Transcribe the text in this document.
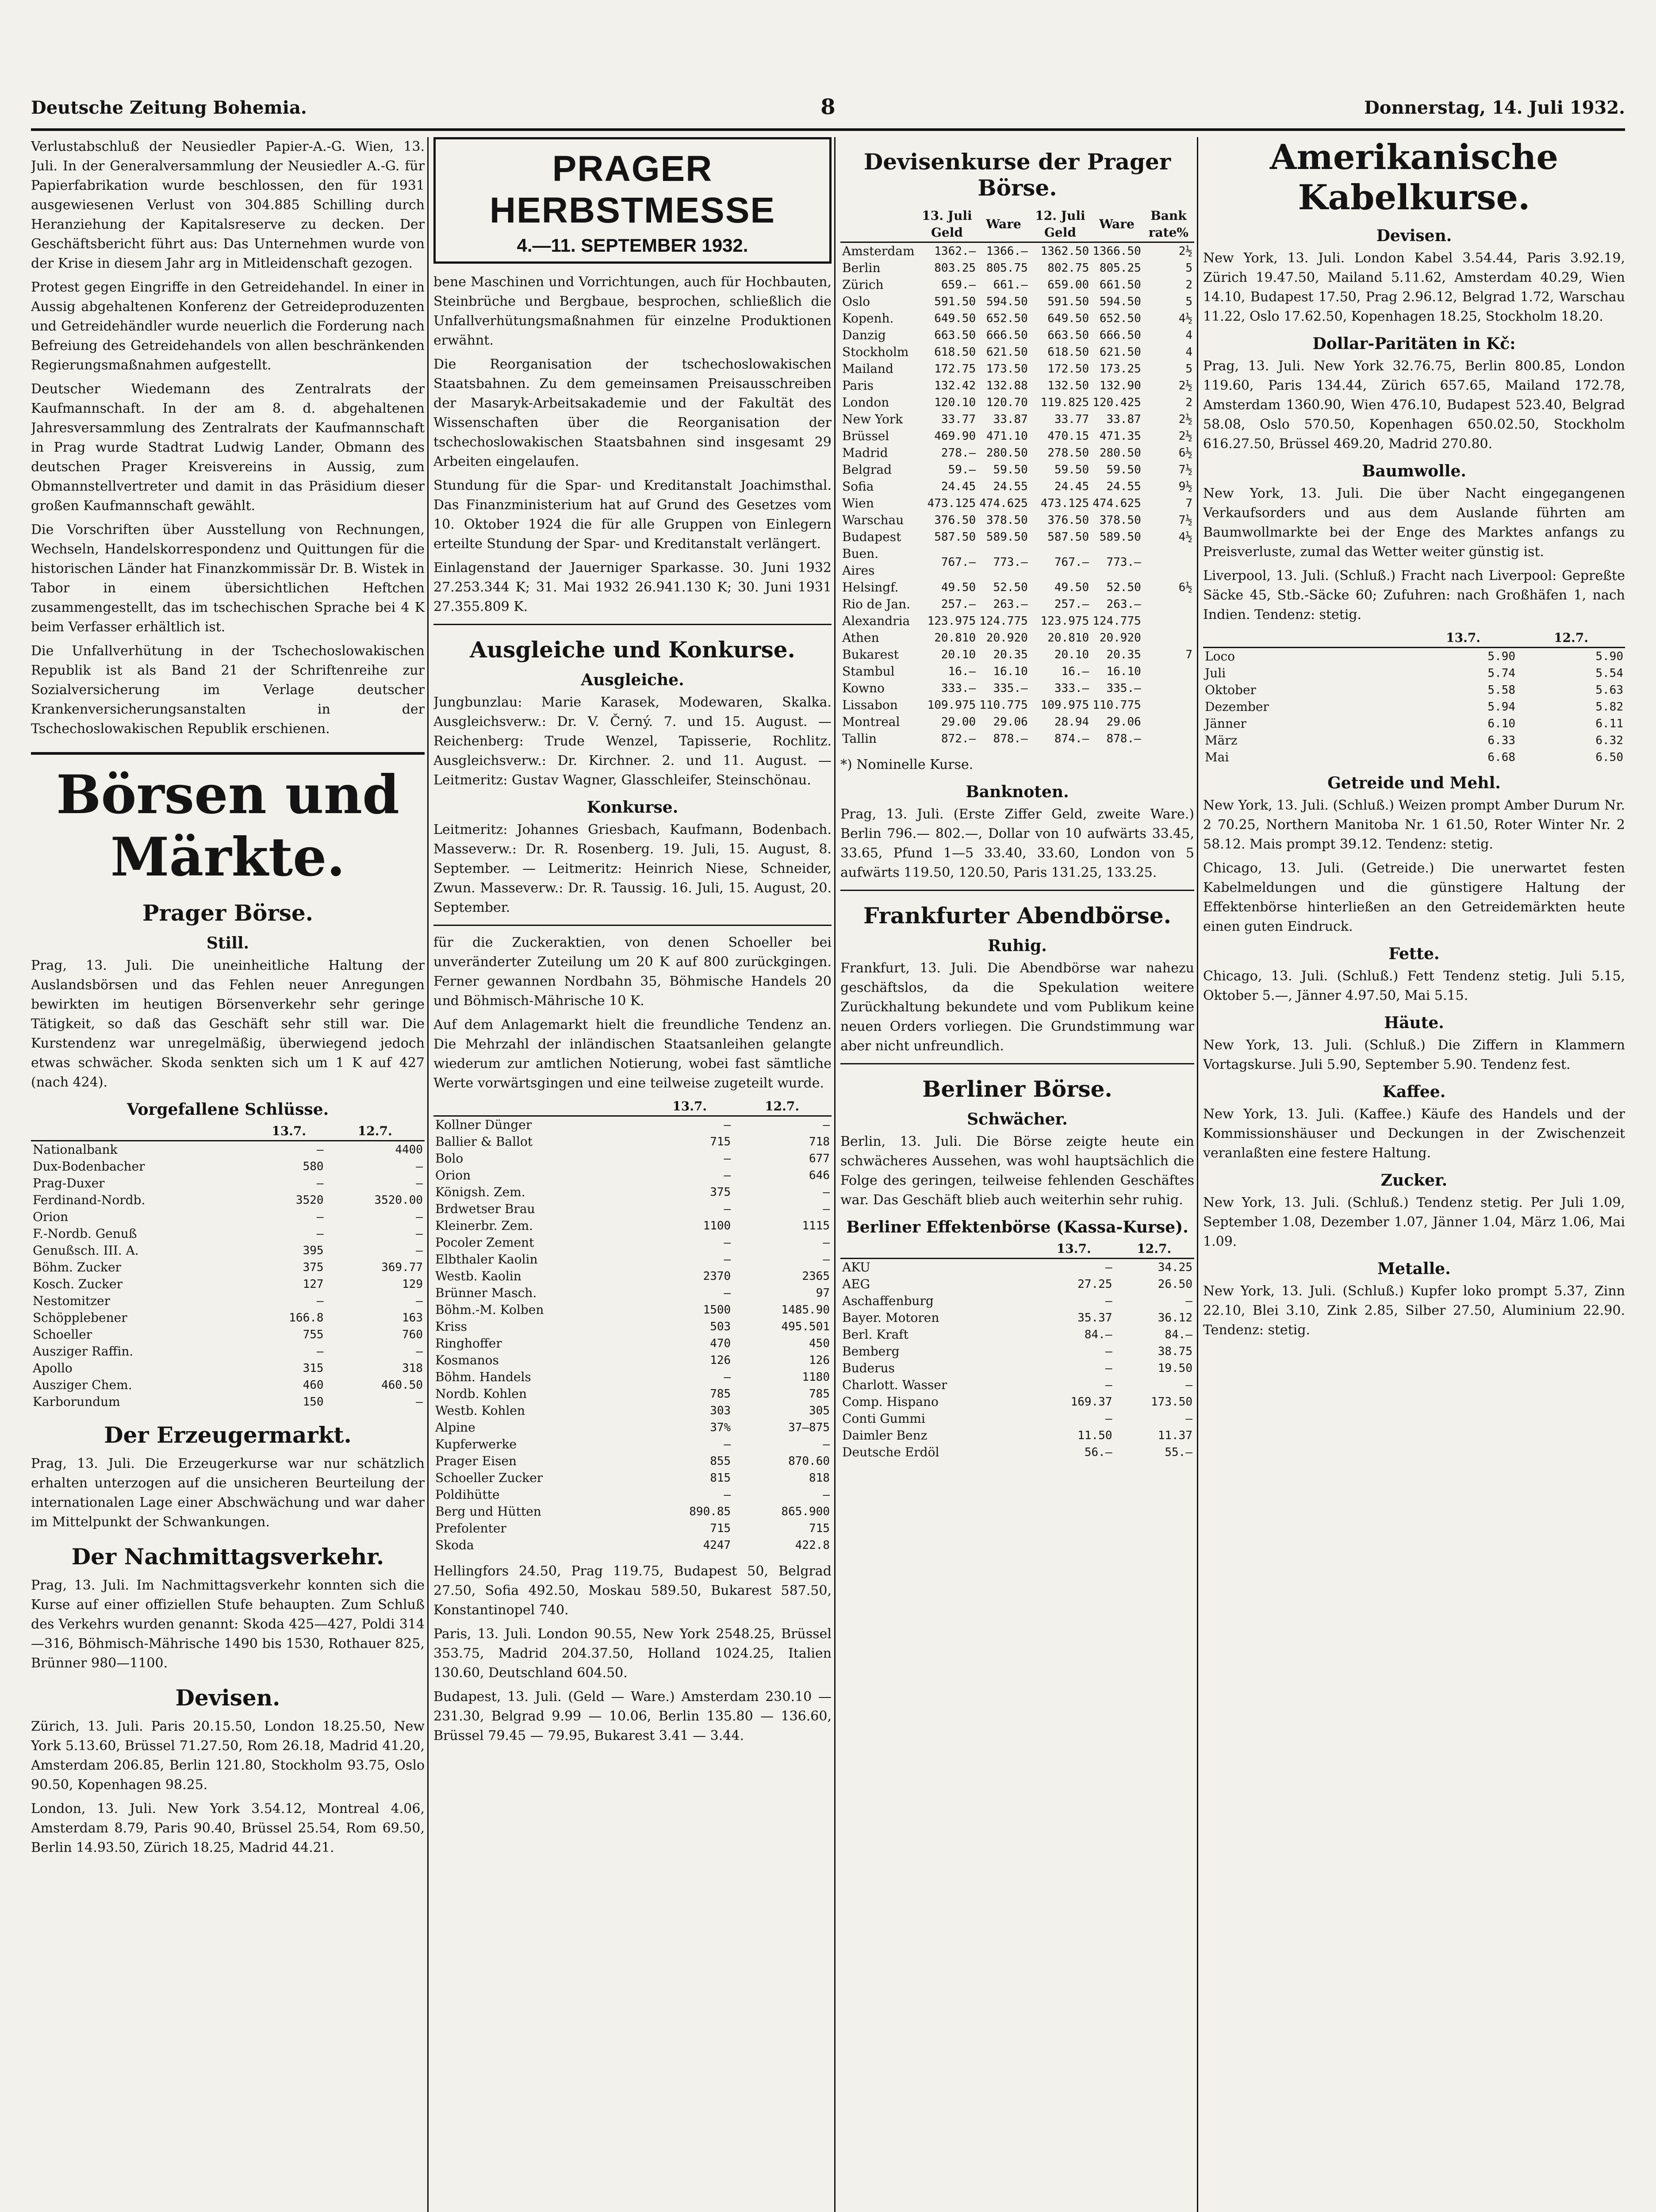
Deutsche Zeitung Bohemia.	8	Donnerstag, 14. Juli 1932.

Verlustabschluß der Neusiedler Papier-A.-G. Wien, 13. Juli. In der Generalversammlung der Neusiedler A.-G. für Papierfabrikation wurde beschlossen, den für 1931 ausgewiesenen Verlust von 304.885 Schilling durch Heranziehung der Kapitalsreserve zu decken. Der Geschäftsbericht führt aus: Das Unternehmen wurde von der Krise in diesem Jahr arg in Mitleidenschaft gezogen.

Protest gegen Eingriffe in den Getreidehandel. In einer in Aussig abgehaltenen Konferenz der Getreideproduzenten und Getreidehändler wurde neuerlich die Forderung nach Befreiung des Getreidehandels von allen beschränkenden Regierungsmaßnahmen aufgestellt.

Deutscher Wiedemann des Zentralrats der Kaufmannschaft. In der am 8. d. abgehaltenen Jahresversammlung des Zentralrats der Kaufmannschaft in Prag wurde Stadtrat Ludwig Lander, Obmann des deutschen Prager Kreisvereins in Aussig, zum Obmannstellvertreter und damit in das Präsidium dieser großen Kaufmannschaft gewählt.

Die Vorschriften über Ausstellung von Rechnungen, Wechseln, Handelskorrespondenz und Quittungen für die historischen Länder hat Finanzkommissär Dr. B. Wistek in Tabor in einem übersichtlichen Heftchen zusammengestellt, das im tschechischen Sprache bei 4 K beim Verfasser erhältlich ist.

Die Unfallverhütung in der Tschechoslowakischen Republik ist als Band 21 der Schriftenreihe zur Sozialversicherung im Verlage deutscher Krankenversicherungsanstalten in der Tschechoslowakischen Republik erschienen.

Börsen und Märkte.
Prager Börse.
Still.

Prag, 13. Juli. Die uneinheitliche Haltung der Auslandsbörsen und das Fehlen neuer Anregungen bewirkten im heutigen Börsenverkehr sehr geringe Tätigkeit, so daß das Geschäft sehr still war. Die Kurstendenz war unregelmäßig, überwiegend jedoch etwas schwächer. Skoda senkten sich um 1 K auf 427 (nach 424).

Vorgefallene Schlüsse.
	13.7.	12.7.
Nationalbank	—	4400
Dux-Bodenbacher	580	—
Prag-Duxer	—	—
Ferdinand-Nordb.	3520	3520.00
Orion	—	—
F.-Nordb. Genuß	—	—
Genußsch. III. A.	395	—
Böhm. Zucker	375	369.77
Kosch. Zucker	127	129
Nestomitzer	—	—
Schöpplebener	166.8	163
Schoeller	755	760
Ausziger Raffin.	—	—
Apollo	315	318
Ausziger Chem.	460	460.50
Karborundum	150	—
Der Erzeugermarkt.

Prag, 13. Juli. Die Erzeugerkurse war nur schätzlich erhalten unterzogen auf die unsicheren Beurteilung der internationalen Lage einer Abschwächung und war daher im Mittelpunkt der Schwankungen.

Der Nachmittagsverkehr.

Prag, 13. Juli. Im Nachmittagsverkehr konnten sich die Kurse auf einer offiziellen Stufe behaupten. Zum Schluß des Verkehrs wurden genannt: Skoda 425—427, Poldi 314—316, Böhmisch-Mährische 1490 bis 1530, Rothauer 825, Brünner 980—1100.

Devisen.

Zürich, 13. Juli. Paris 20.15.50, London 18.25.50, New York 5.13.60, Brüssel 71.27.50, Rom 26.18, Madrid 41.20, Amsterdam 206.85, Berlin 121.80, Stockholm 93.75, Oslo 90.50, Kopenhagen 98.25.

London, 13. Juli. New York 3.54.12, Montreal 4.06, Amsterdam 8.79, Paris 90.40, Brüssel 25.54, Rom 69.50, Berlin 14.93.50, Zürich 18.25, Madrid 44.21.

PRAGER HERBSTMESSE
4.—11. SEPTEMBER 1932.

bene Maschinen und Vorrichtungen, auch für Hochbauten, Steinbrüche und Bergbaue, besprochen, schließlich die Unfallverhütungsmaßnahmen für einzelne Produktionen erwähnt.

Die Reorganisation der tschechoslowakischen Staatsbahnen. Zu dem gemeinsamen Preisausschreiben der Masaryk-Arbeitsakademie und der Fakultät des Wissenschaften über die Reorganisation der tschechoslowakischen Staatsbahnen sind insgesamt 29 Arbeiten eingelaufen.

Stundung für die Spar- und Kreditanstalt Joachimsthal. Das Finanzministerium hat auf Grund des Gesetzes vom 10. Oktober 1924 die für alle Gruppen von Einlegern erteilte Stundung der Spar- und Kreditanstalt verlängert.

Einlagenstand der Jauerniger Sparkasse. 30. Juni 1932 27.253.344 K; 31. Mai 1932 26.941.130 K; 30. Juni 1931 27.355.809 K.

Ausgleiche und Konkurse.
Ausgleiche.

Jungbunzlau: Marie Karasek, Modewaren, Skalka. Ausgleichsverw.: Dr. V. Černý. 7. und 15. August. — Reichenberg: Trude Wenzel, Tapisserie, Rochlitz. Ausgleichsverw.: Dr. Kirchner. 2. und 11. August. — Leitmeritz: Gustav Wagner, Glasschleifer, Steinschönau.

Konkurse.

Leitmeritz: Johannes Griesbach, Kaufmann, Bodenbach. Masseverw.: Dr. R. Rosenberg. 19. Juli, 15. August, 8. September. — Leitmeritz: Heinrich Niese, Schneider, Zwun. Masseverw.: Dr. R. Taussig. 16. Juli, 15. August, 20. September.

für die Zuckeraktien, von denen Schoeller bei unveränderter Zuteilung um 20 K auf 800 zurückgingen. Ferner gewannen Nordbahn 35, Böhmische Handels 20 und Böhmisch-Mährische 10 K.

Auf dem Anlagemarkt hielt die freundliche Tendenz an. Die Mehrzahl der inländischen Staatsanleihen gelangte wiederum zur amtlichen Notierung, wobei fast sämtliche Werte vorwärtsgingen und eine teilweise zugeteilt wurde.

	13.7.	12.7.
Kollner Dünger	—	—
Ballier & Ballot	715	718
Bolo	—	677
Orion	—	646
Königsh. Zem.	375	—
Brdwetser Brau	—	—
Kleinerbr. Zem.	1100	1115
Pocoler Zement	—	—
Elbthaler Kaolin	—	—
Westb. Kaolin	2370	2365
Brünner Masch.	—	97
Böhm.-M. Kolben	1500	1485.90
Kriss	503	495.501
Ringhoffer	470	450
Kosmanos	126	126
Böhm. Handels	—	1180
Nordb. Kohlen	785	785
Westb. Kohlen	303	305
Alpine	37%	37—875
Kupferwerke	—	—
Prager Eisen	855	870.60
Schoeller Zucker	815	818
Poldihütte	—	—
Berg und Hütten	890.85	865.900
Prefolenter	715	715
Skoda	4247	422.8

Hellingfors 24.50, Prag 119.75, Budapest 50, Belgrad 27.50, Sofia 492.50, Moskau 589.50, Bukarest 587.50, Konstantinopel 740.

Paris, 13. Juli. London 90.55, New York 2548.25, Brüssel 353.75, Madrid 204.37.50, Holland 1024.25, Italien 130.60, Deutschland 604.50.

Budapest, 13. Juli. (Geld — Ware.) Amsterdam 230.10 — 231.30, Belgrad 9.99 — 10.06, Berlin 135.80 — 136.60, Brüssel 79.45 — 79.95, Bukarest 3.41 — 3.44.

Devisenkurse der Prager Börse.
	13. Juli Geld	Ware	12. Juli Geld	Ware	Bank rate%
Amsterdam	1362.—	1366.—	1362.50	1366.50	2½
Berlin	803.25	805.75	802.75	805.25	5
Zürich	659.—	661.—	659.00	661.50	2
Oslo	591.50	594.50	591.50	594.50	5
Kopenh.	649.50	652.50	649.50	652.50	4½
Danzig	663.50	666.50	663.50	666.50	4
Stockholm	618.50	621.50	618.50	621.50	4
Mailand	172.75	173.50	172.50	173.25	5
Paris	132.42	132.88	132.50	132.90	2½
London	120.10	120.70	119.825	120.425	2
New York	33.77	33.87	33.77	33.87	2½
Brüssel	469.90	471.10	470.15	471.35	2½
Madrid	278.—	280.50	278.50	280.50	6½
Belgrad	59.—	59.50	59.50	59.50	7½
Sofia	24.45	24.55	24.45	24.55	9½
Wien	473.125	474.625	473.125	474.625	7
Warschau	376.50	378.50	376.50	378.50	7½
Budapest	587.50	589.50	587.50	589.50	4½
Buen. Aires	767.—	773.—	767.—	773.—	
Helsingf.	49.50	52.50	49.50	52.50	6½
Rio de Jan.	257.—	263.—	257.—	263.—	
Alexandria	123.975	124.775	123.975	124.775	
Athen	20.810	20.920	20.810	20.920	
Bukarest	20.10	20.35	20.10	20.35	7
Stambul	16.—	16.10	16.—	16.10	
Kowno	333.—	335.—	333.—	335.—	
Lissabon	109.975	110.775	109.975	110.775	
Montreal	29.00	29.06	28.94	29.06	
Tallin	872.—	878.—	874.—	878.—	

*) Nominelle Kurse.

Banknoten.

Prag, 13. Juli. (Erste Ziffer Geld, zweite Ware.) Berlin 796.— 802.—, Dollar von 10 aufwärts 33.45, 33.65, Pfund 1—5 33.40, 33.60, London von 5 aufwärts 119.50, 120.50, Paris 131.25, 133.25.

Frankfurter Abendbörse.
Ruhig.

Frankfurt, 13. Juli. Die Abendbörse war nahezu geschäftslos, da die Spekulation weitere Zurückhaltung bekundete und vom Publikum keine neuen Orders vorliegen. Die Grundstimmung war aber nicht unfreundlich.

Berliner Börse.
Schwächer.

Berlin, 13. Juli. Die Börse zeigte heute ein schwächeres Aussehen, was wohl hauptsächlich die Folge des geringen, teilweise fehlenden Geschäftes war. Das Geschäft blieb auch weiterhin sehr ruhig.

Berliner Effektenbörse (Kassa-Kurse).
	13.7.	12.7.
AKU	—	34.25
AEG	27.25	26.50
Aschaffenburg	—	—
Bayer. Motoren	35.37	36.12
Berl. Kraft	84.—	84.—
Bemberg	—	38.75
Buderus	—	19.50
Charlott. Wasser	—	—
Comp. Hispano	169.37	173.50
Conti Gummi	—	—
Daimler Benz	11.50	11.37
Deutsche Erdöl	56.—	55.—
Amerikanische Kabelkurse.
Devisen.

New York, 13. Juli. London Kabel 3.54.44, Paris 3.92.19, Zürich 19.47.50, Mailand 5.11.62, Amsterdam 40.29, Wien 14.10, Budapest 17.50, Prag 2.96.12, Belgrad 1.72, Warschau 11.22, Oslo 17.62.50, Kopenhagen 18.25, Stockholm 18.20.

Dollar-Paritäten in Kč:

Prag, 13. Juli. New York 32.76.75, Berlin 800.85, London 119.60, Paris 134.44, Zürich 657.65, Mailand 172.78, Amsterdam 1360.90, Wien 476.10, Budapest 523.40, Belgrad 58.08, Oslo 570.50, Kopenhagen 650.02.50, Stockholm 616.27.50, Brüssel 469.20, Madrid 270.80.

Baumwolle.

New York, 13. Juli. Die über Nacht eingegangenen Verkaufsorders und aus dem Auslande führten am Baumwollmarkte bei der Enge des Marktes anfangs zu Preisverluste, zumal das Wetter weiter günstig ist.

Liverpool, 13. Juli. (Schluß.) Fracht nach Liverpool: Gepreßte Säcke 45, Stb.-Säcke 60; Zufuhren: nach Großhäfen 1, nach Indien. Tendenz: stetig.

	13.7.	12.7.
Loco	5.90	5.90
Juli	5.74	5.54
Oktober	5.58	5.63
Dezember	5.94	5.82
Jänner	6.10	6.11
März	6.33	6.32
Mai	6.68	6.50
Getreide und Mehl.

New York, 13. Juli. (Schluß.) Weizen prompt Amber Durum Nr. 2 70.25, Northern Manitoba Nr. 1 61.50, Roter Winter Nr. 2 58.12. Mais prompt 39.12. Tendenz: stetig.

Chicago, 13. Juli. (Getreide.) Die unerwartet festen Kabelmeldungen und die günstigere Haltung der Effektenbörse hinterließen an den Getreidemärkten heute einen guten Eindruck.

Fette.

Chicago, 13. Juli. (Schluß.) Fett Tendenz stetig. Juli 5.15, Oktober 5.—, Jänner 4.97.50, Mai 5.15.

Häute.

New York, 13. Juli. (Schluß.) Die Ziffern in Klammern Vortagskurse. Juli 5.90, September 5.90. Tendenz fest.

Kaffee.

New York, 13. Juli. (Kaffee.) Käufe des Handels und der Kommissionshäuser und Deckungen in der Zwischenzeit veranlaßten eine festere Haltung.

Zucker.

New York, 13. Juli. (Schluß.) Tendenz stetig. Per Juli 1.09, September 1.08, Dezember 1.07, Jänner 1.04, März 1.06, Mai 1.09.

Metalle.

New York, 13. Juli. (Schluß.) Kupfer loko prompt 5.37, Zinn 22.10, Blei 3.10, Zink 2.85, Silber 27.50, Aluminium 22.90. Tendenz: stetig.
